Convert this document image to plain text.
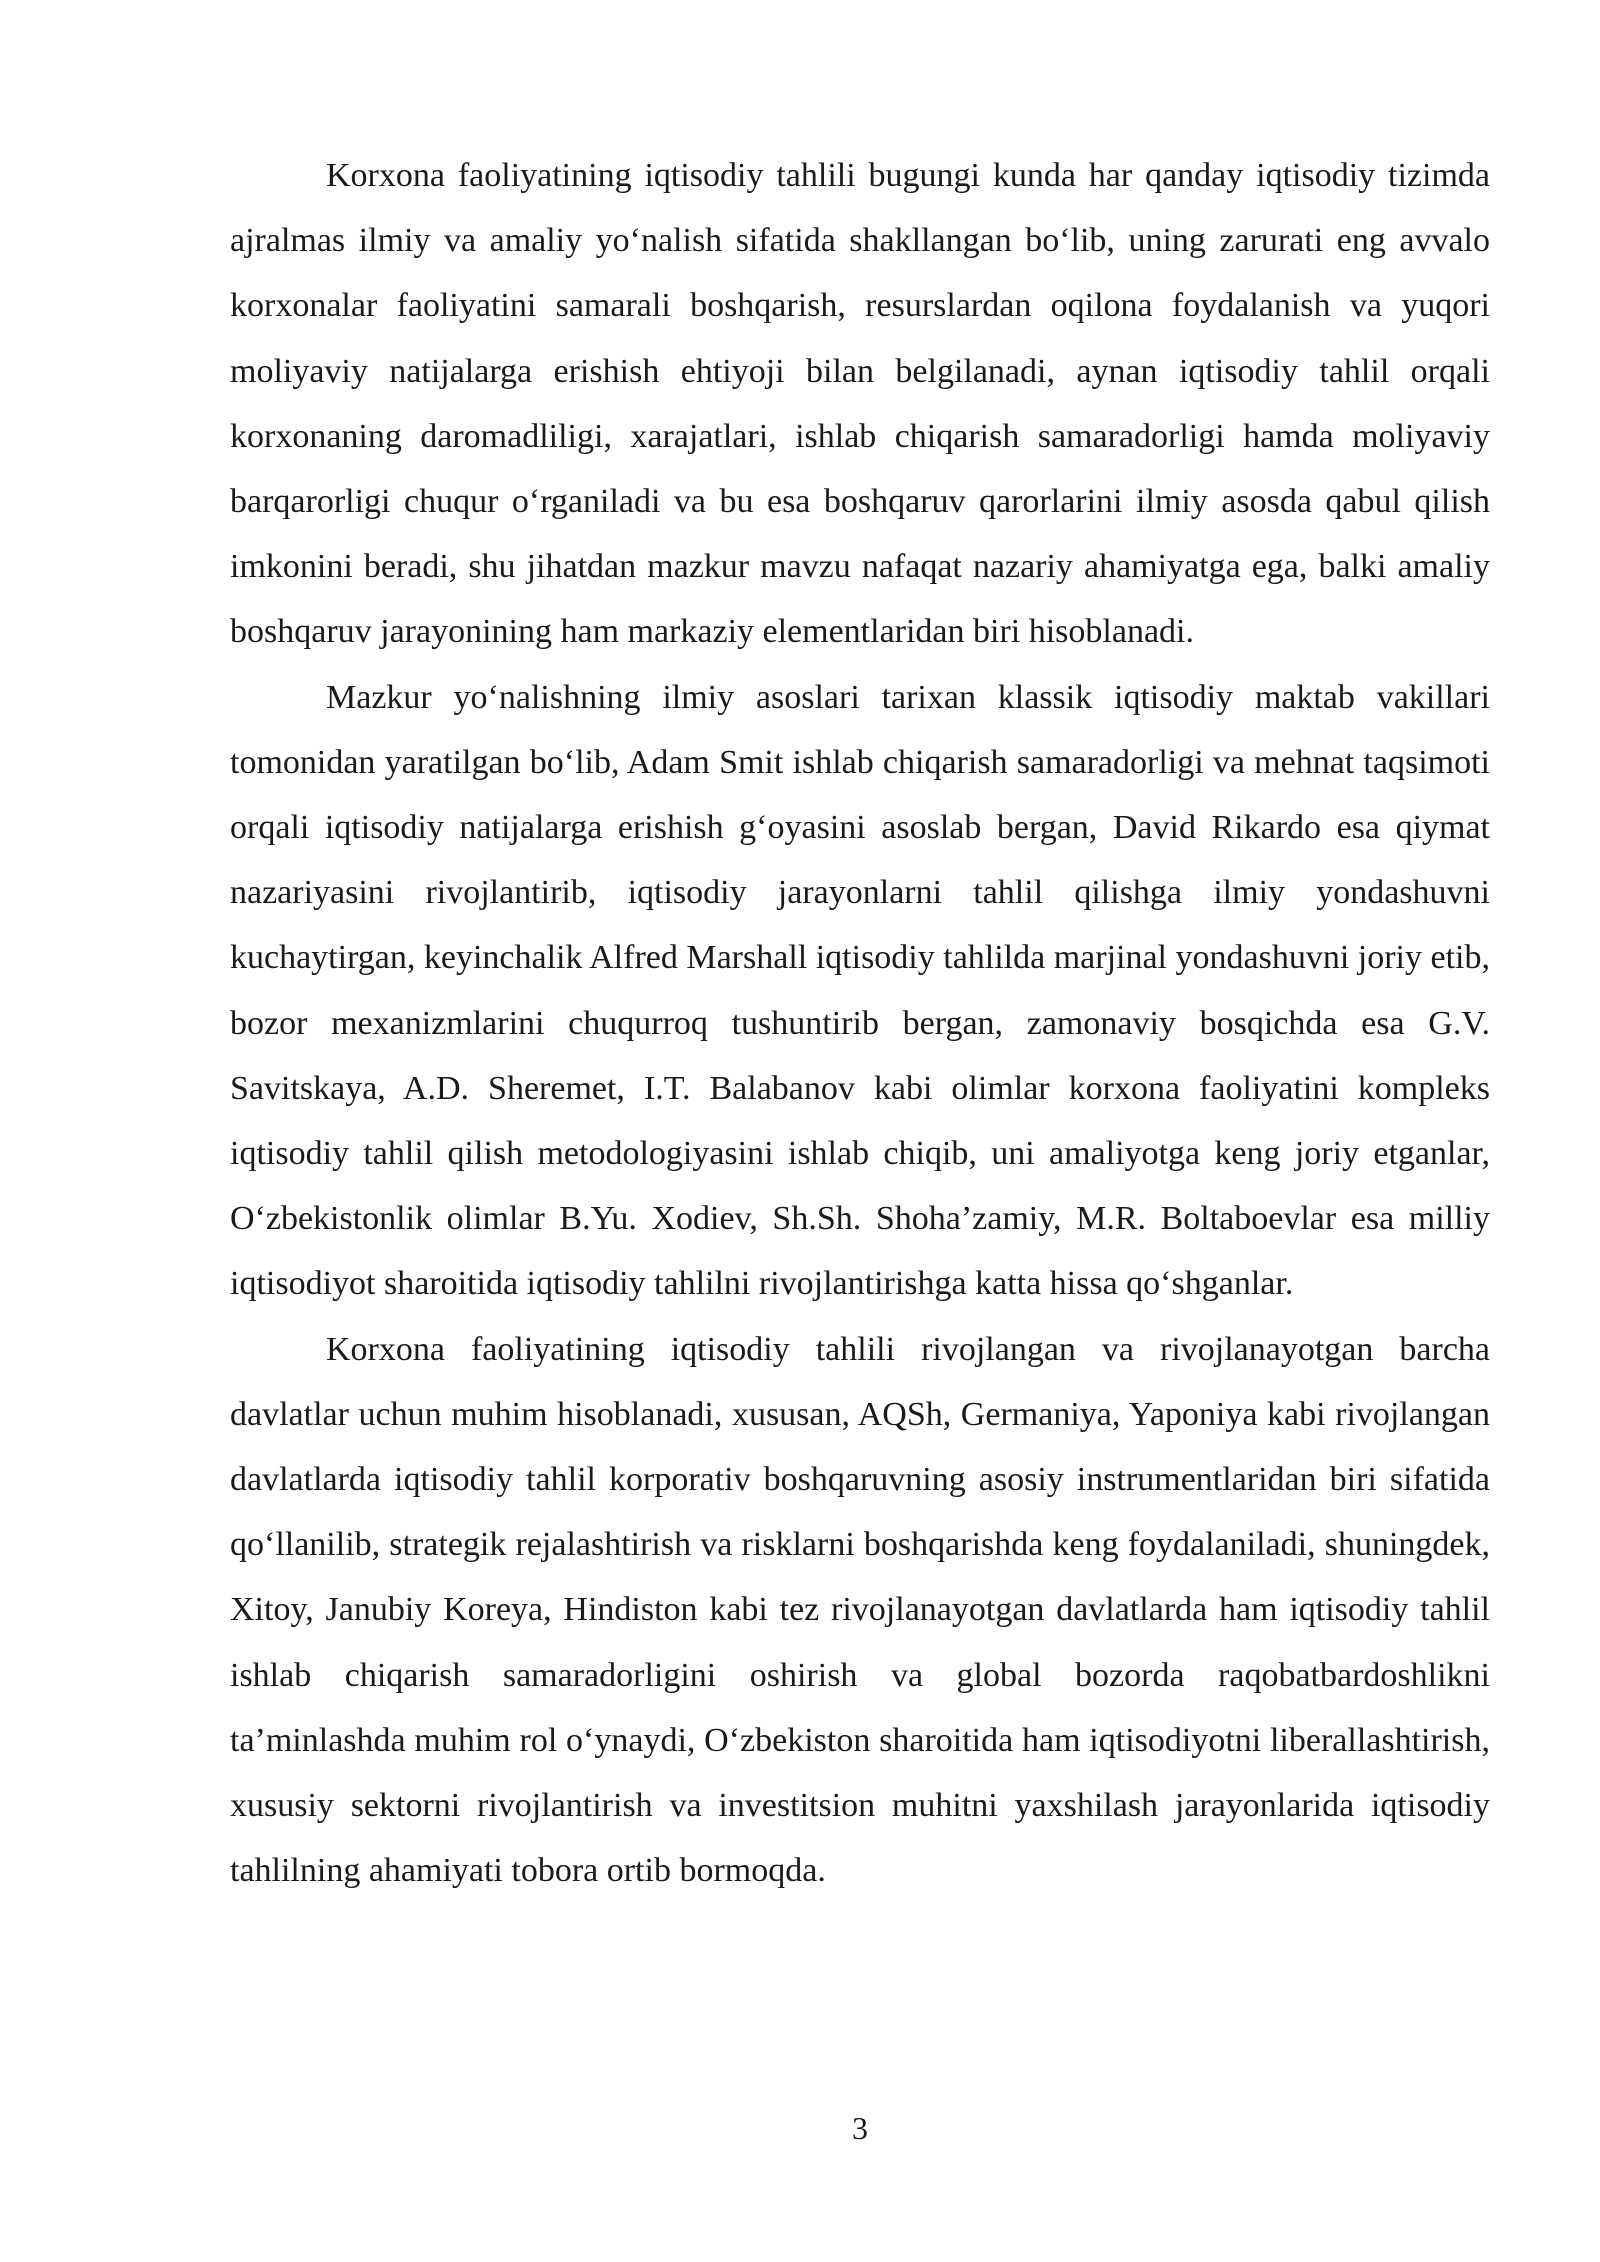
Korxona faoliyatining iqtisodiy tahlili bugungi kunda har qanday iqtisodiy tizimda ajralmas ilmiy va amaliy yo‘nalish sifatida shakllangan bo‘lib, uning zarurati eng avvalo korxonalar faoliyatini samarali boshqarish, resurslardan oqilona foydalanish va yuqori moliyaviy natijalarga erishish ehtiyoji bilan belgilanadi, aynan iqtisodiy tahlil orqali korxonaning daromadliligi, xarajatlari, ishlab chiqarish samaradorligi hamda moliyaviy barqarorligi chuqur o‘rganiladi va bu esa boshqaruv qarorlarini ilmiy asosda qabul qilish imkonini beradi, shu jihatdan mazkur mavzu nafaqat nazariy ahamiyatga ega, balki amaliy boshqaruv jarayonining ham markaziy elementlaridan biri hisoblanadi.

Mazkur yo‘nalishning ilmiy asoslari tarixan klassik iqtisodiy maktab vakillari tomonidan yaratilgan bo‘lib, Adam Smit ishlab chiqarish samaradorligi va mehnat taqsimoti orqali iqtisodiy natijalarga erishish g‘oyasini asoslab bergan, David Rikardo esa qiymat nazariyasini rivojlantirib, iqtisodiy jarayonlarni tahlil qilishga ilmiy yondashuvni kuchaytirgan, keyinchalik Alfred Marshall iqtisodiy tahlilda marjinal yondashuvni joriy etib, bozor mexanizmlarini chuqurroq tushuntirib bergan, zamonaviy bosqichda esa G.V. Savitskaya, A.D. Sheremet, I.T. Balabanov kabi olimlar korxona faoliyatini kompleks iqtisodiy tahlil qilish metodologiyasini ishlab chiqib, uni amaliyotga keng joriy etganlar, O‘zbekistonlik olimlar B.Yu. Xodiev, Sh.Sh. Shoha’zamiy, M.R. Boltaboevlar esa milliy iqtisodiyot sharoitida iqtisodiy tahlilni rivojlantirishga katta hissa qo‘shganlar.

Korxona faoliyatining iqtisodiy tahlili rivojlangan va rivojlanayotgan barcha davlatlar uchun muhim hisoblanadi, xususan, AQSh, Germaniya, Yaponiya kabi rivojlangan davlatlarda iqtisodiy tahlil korporativ boshqaruvning asosiy instrumentlaridan biri sifatida qo‘llanilib, strategik rejalashtirish va risklarni boshqarishda keng foydalaniladi, shuningdek, Xitoy, Janubiy Koreya, Hindiston kabi tez rivojlanayotgan davlatlarda ham iqtisodiy tahlil ishlab chiqarish samaradorligini oshirish va global bozorda raqobatbardoshlikni ta’minlashda muhim rol o‘ynaydi, O‘zbekiston sharoitida ham iqtisodiyotni liberallashtirish, xususiy sektorni rivojlantirish va investitsion muhitni yaxshilash jarayonlarida iqtisodiy tahlilning ahamiyati tobora ortib bormoqda.

3
